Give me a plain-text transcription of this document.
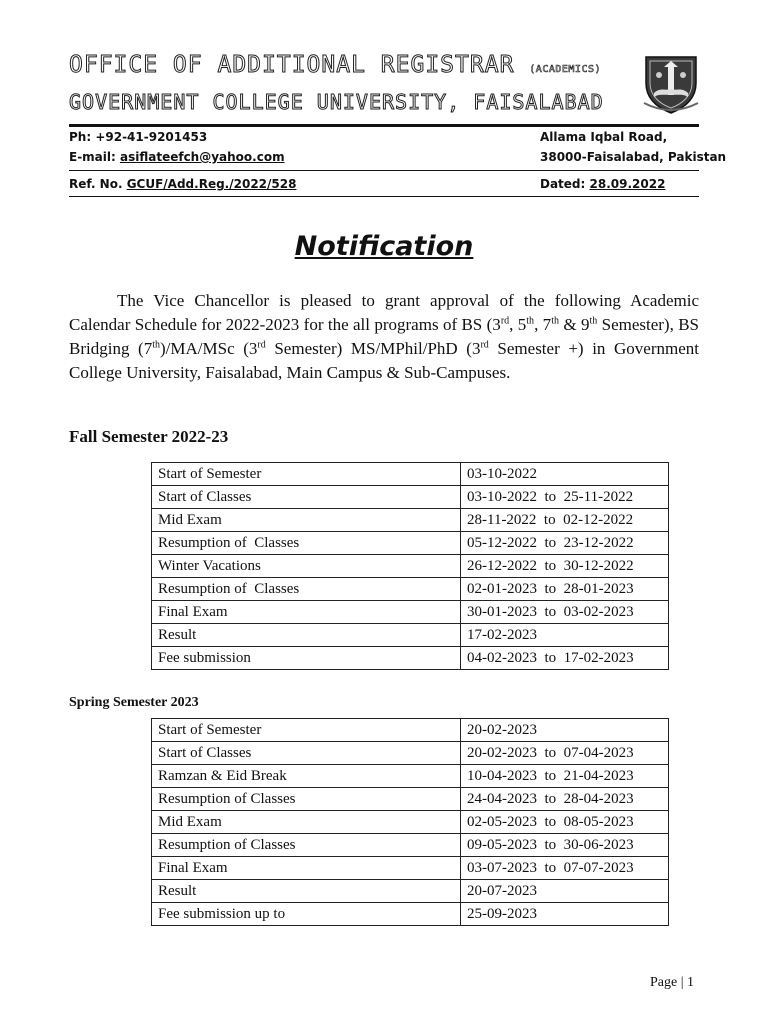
OFFICE OF ADDITIONAL REGISTRAR (ACADEMICS)
GOVERNMENT COLLEGE UNIVERSITY, FAISALABAD
Ph: +92-41-9201453
E-mail: asiflateefch@yahoo.com
Allama Iqbal Road,
38000-Faisalabad, Pakistan
Ref. No. GCUF/Add.Reg./2022/528	Dated: 28.09.2022
Notification
The Vice Chancellor is pleased to grant approval of the following Academic Calendar Schedule for 2022-2023 for the all programs of BS (3rd, 5th, 7th & 9th Semester), BS Bridging (7th)/MA/MSc (3rd Semester) MS/MPhil/PhD (3rd Semester +) in Government College University, Faisalabad, Main Campus & Sub-Campuses.
Fall Semester 2022-23
Start of Semester	03-10-2022
Start of Classes	03-10-2022  to  25-11-2022
Mid Exam	28-11-2022  to  02-12-2022
Resumption of  Classes	05-12-2022  to  23-12-2022
Winter Vacations	26-12-2022  to  30-12-2022
Resumption of  Classes	02-01-2023  to  28-01-2023
Final Exam	30-01-2023  to  03-02-2023
Result	17-02-2023
Fee submission	04-02-2023  to  17-02-2023
Spring Semester 2023
Start of Semester	20-02-2023
Start of Classes	20-02-2023  to  07-04-2023
Ramzan & Eid Break	10-04-2023  to  21-04-2023
Resumption of Classes	24-04-2023  to  28-04-2023
Mid Exam	02-05-2023  to  08-05-2023
Resumption of Classes	09-05-2023  to  30-06-2023
Final Exam	03-07-2023  to  07-07-2023
Result	20-07-2023
Fee submission up to	25-09-2023
Page | 1
